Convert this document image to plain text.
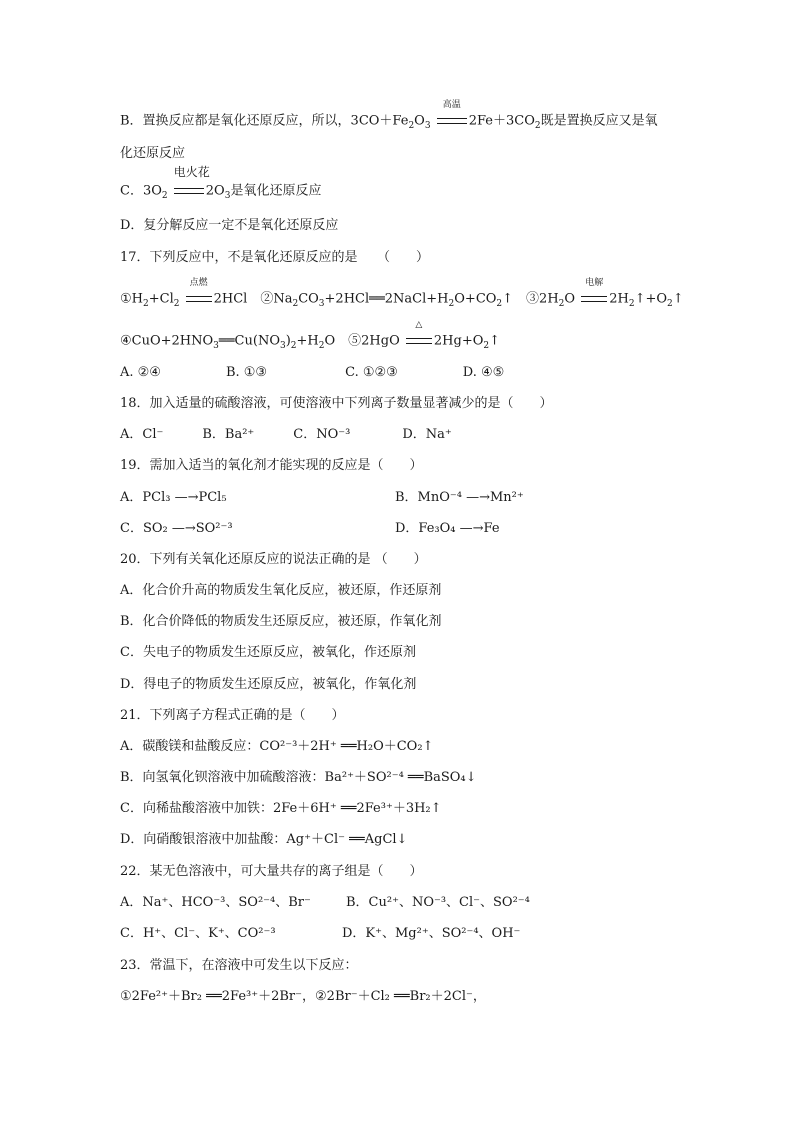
B．置换反应都是氧化还原反应，所以，$3CO+Fe_2O_3$
高温
$2Fe+3CO_2$既是置换反应又是氧
化还原反应
C．$3O_2$
电火花
$2O_3$是氧化还原反应
D．复分解反应一定不是氧化还原反应
17．下列反应中，不是氧化还原反应的是　　（　　）
$①H_2+Cl_2$
点燃
2HCl　$②Na_2CO_3+2HCl══2NaCl+H_2O+CO_2↑$　$③2H_2O$
电解
$2H_2↑+O_2↑$
$④CuO+2HNO_3══Cu(NO_3)_2+H_2O$　⑤2HgO
△
$2Hg+O_2↑$
A. ②④　　　　　B. ①③　　　　　　C. ①②③　　　　　D. ④⑤
18．加入适量的硫酸溶液，可使溶液中下列离子数量显著减少的是（　　）
A．Cl⁻　　　B．Ba²⁺　　　C．NO⁻³　　　　D．Na⁺
19．需加入适当的氧化剂才能实现的反应是（　　）
A．PCl₃ —→PCl₅	B．MnO⁻⁴ —→Mn²⁺
C．SO₂ —→SO²⁻³	D．Fe₃O₄ —→Fe
20．下列有关氧化还原反应的说法正确的是 （　　）
A．化合价升高的物质发生氧化反应，被还原，作还原剂
B．化合价降低的物质发生还原反应，被还原，作氧化剂
C．失电子的物质发生还原反应，被氧化，作还原剂
D．得电子的物质发生还原反应，被氧化，作氧化剂
21．下列离子方程式正确的是（　　）
A．碳酸镁和盐酸反应：CO²⁻³＋2H⁺ ══H₂O＋CO₂↑
B．向氢氧化钡溶液中加硫酸溶液：Ba²⁺＋SO²⁻⁴ ══BaSO₄↓
C．向稀盐酸溶液中加铁：2Fe＋6H⁺ ══2Fe³⁺＋3H₂↑
D．向硝酸银溶液中加盐酸：Ag⁺＋Cl⁻ ══AgCl↓
22．某无色溶液中，可大量共存的离子组是（　　）
A．Na⁺、HCO⁻³、SO²⁻⁴、Br⁻	B．Cu²⁺、NO⁻³、Cl⁻、SO²⁻⁴
C．H⁺、Cl⁻、K⁺、CO²⁻³	D．K⁺、Mg²⁺、SO²⁻⁴、OH⁻
23．常温下，在溶液中可发生以下反应：
①2Fe²⁺＋Br₂ ══2Fe³⁺＋2Br⁻，②2Br⁻＋Cl₂ ══Br₂＋2Cl⁻，
